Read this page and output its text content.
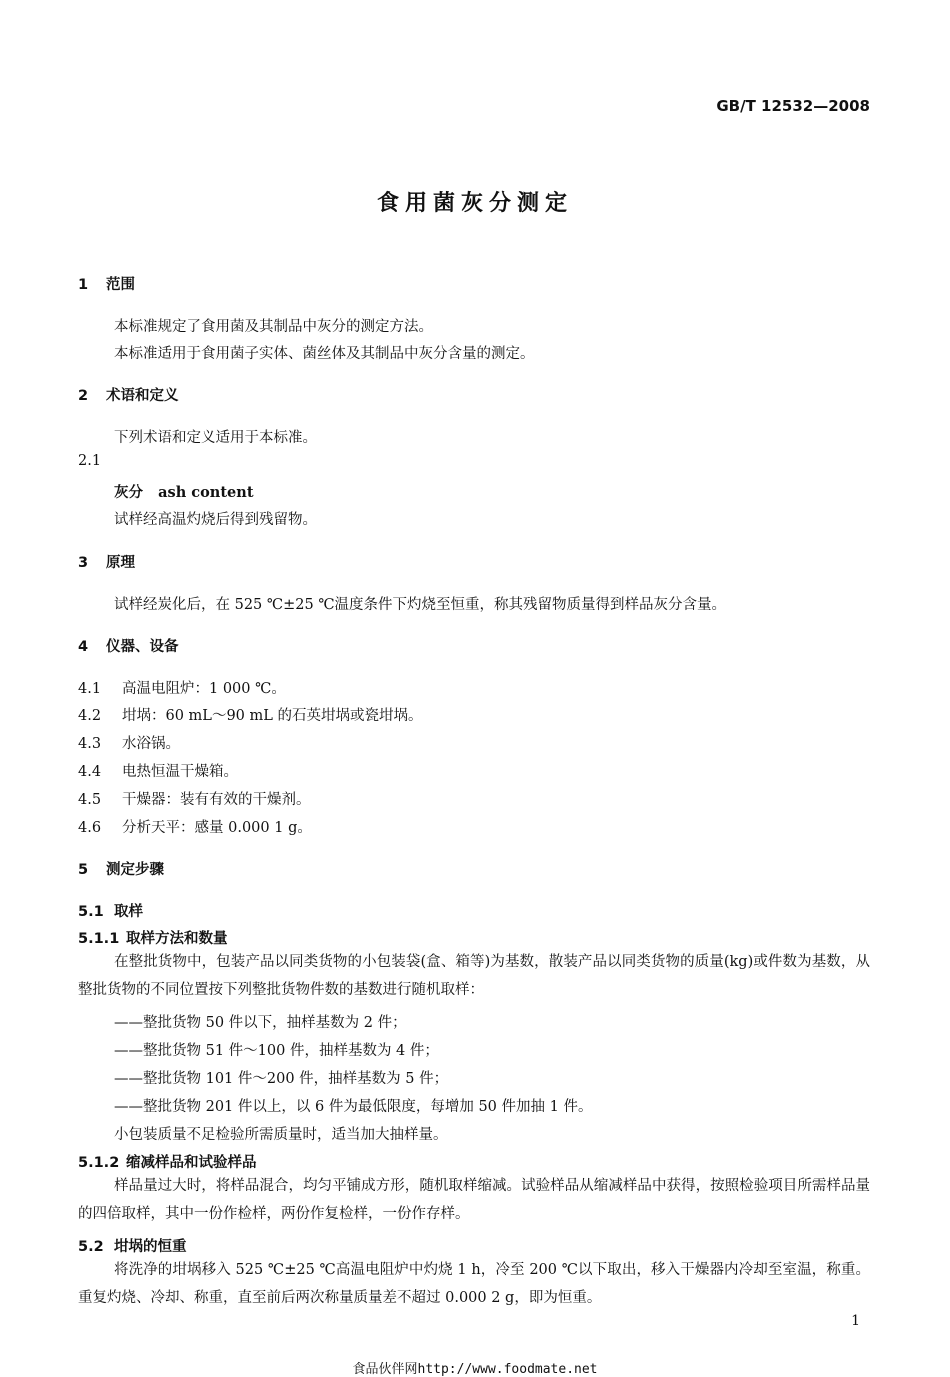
GB/T 12532—2008
食用菌灰分测定
1 范围
本标准规定了食用菌及其制品中灰分的测定方法。
本标准适用于食用菌子实体、菌丝体及其制品中灰分含量的测定。
2 术语和定义
下列术语和定义适用于本标准。
2.1
灰分 ash content
试样经高温灼烧后得到残留物。
3 原理
试样经炭化后，在 525 ℃±25 ℃温度条件下灼烧至恒重，称其残留物质量得到样品灰分含量。
4 仪器、设备
4.1 高温电阻炉：1 000 ℃。
4.2 坩埚：60 mL～90 mL 的石英坩埚或瓷坩埚。
4.3 水浴锅。
4.4 电热恒温干燥箱。
4.5 干燥器：装有有效的干燥剂。
4.6 分析天平：感量 0.000 1 g。
5 测定步骤
5.1 取样
5.1.1 取样方法和数量
在整批货物中，包装产品以同类货物的小包装袋(盒、箱等)为基数，散装产品以同类货物的质量(kg)或件数为基数，从整批货物的不同位置按下列整批货物件数的基数进行随机取样：
——整批货物 50 件以下，抽样基数为 2 件；
——整批货物 51 件～100 件，抽样基数为 4 件；
——整批货物 101 件～200 件，抽样基数为 5 件；
——整批货物 201 件以上，以 6 件为最低限度，每增加 50 件加抽 1 件。
小包装质量不足检验所需质量时，适当加大抽样量。
5.1.2 缩减样品和试验样品
样品量过大时，将样品混合，均匀平铺成方形，随机取样缩减。试验样品从缩减样品中获得，按照检验项目所需样品量的四倍取样，其中一份作检样，两份作复检样，一份作存样。
5.2 坩埚的恒重
将洗净的坩埚移入 525 ℃±25 ℃高温电阻炉中灼烧 1 h，冷至 200 ℃以下取出，移入干燥器内冷却至室温，称重。重复灼烧、冷却、称重，直至前后两次称量质量差不超过 0.000 2 g，即为恒重。
1
食品伙伴网http://www.foodmate.net
